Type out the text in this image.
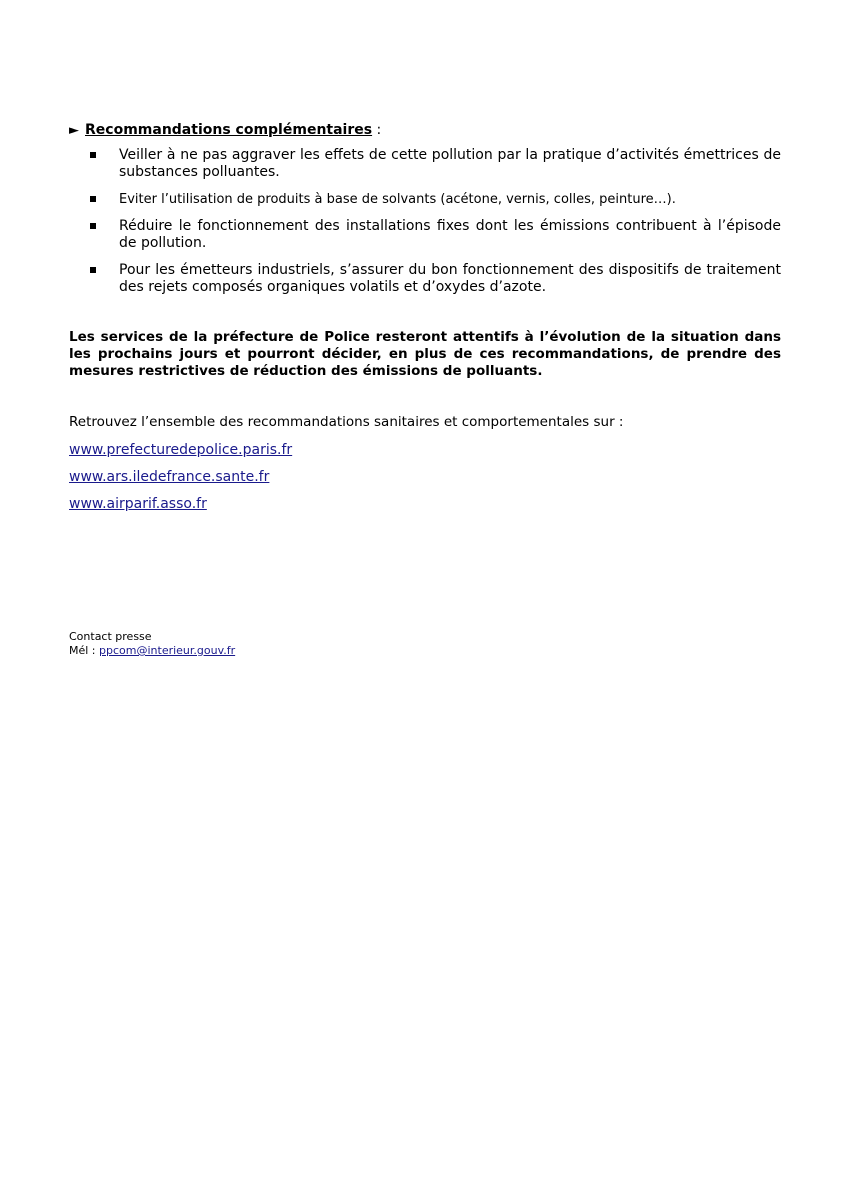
► Recommandations complémentaires :
Veiller à ne pas aggraver les effets de cette pollution par la pratique d’activités émettrices de substances polluantes.
Eviter l’utilisation de produits à base de solvants (acétone, vernis, colles, peinture…).
Réduire le fonctionnement des installations fixes dont les émissions contribuent à l’épisode de pollution.
Pour les émetteurs industriels, s’assurer du bon fonctionnement des dispositifs de traitement des rejets composés organiques volatils et d’oxydes d’azote.
Les services de la préfecture de Police resteront attentifs à l’évolution de la situation dans les prochains jours et pourront décider, en plus de ces recommandations, de prendre des mesures restrictives de réduction des émissions de polluants.
Retrouvez l’ensemble des recommandations sanitaires et comportementales sur :
www.prefecturedepolice.paris.fr
www.ars.iledefrance.sante.fr
www.airparif.asso.fr
Contact presse
Mél : ppcom@interieur.gouv.fr
